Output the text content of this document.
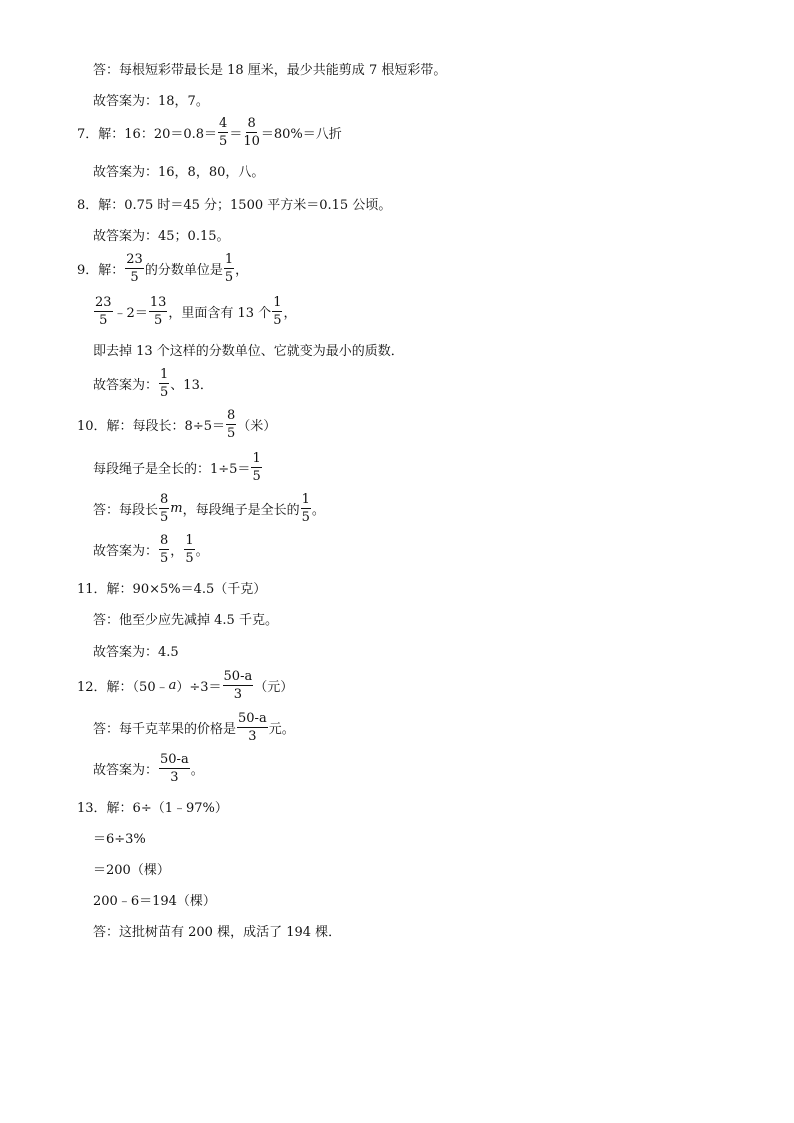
答：每根短彩带最长是 18 厘米，最少共能剪成 7 根短彩带。
故答案为：18，7。
7．解：16：$20=0.8= \frac{4}{5} = \frac{8}{10} =80\%=$八折
故答案为：16，8，80，八。
8．解：0.75 时＝45 分；1500 平方米＝0.15 公顷。
故答案为：45；0.15。
9．解： $\frac{23}{5}$ 的分数单位是 $\frac{1}{5}$ ，
$\frac{23}{5}$ ﹣2＝ $\frac{13}{5}$ ，里面含有 13 个 $\frac{1}{5}$ ，
即去掉 13 个这样的分数单位、它就变为最小的质数．
故答案为： $\frac{1}{5}$ 、13．
10．解：每段长：$8\div 5= \frac{8}{5}$ （米）
每段绳子是全长的：$1\div 5= \frac{1}{5}$
答：每段长 $\frac{8}{5}$ m ，每段绳子是全长的 $\frac{1}{5}$ 。
故答案为： $\frac{8}{5}$ ， $\frac{1}{5}$ 。
11．解：90×5%＝4.5（千克）
答：他至少应先减掉 4.5 千克。
故答案为：4.5
12．解：（50﹣ a ）$\div 3= \frac{50-a}{3}$ （元）
答：每千克苹果的价格是 $\frac{50-a}{3}$ 元。
故答案为： $\frac{50-a}{3}$ 。
13．解：6÷（1﹣97%）
＝6÷3%
＝200（棵）
200﹣6＝194（棵）
答：这批树苗有 200 棵，成活了 194 棵．
